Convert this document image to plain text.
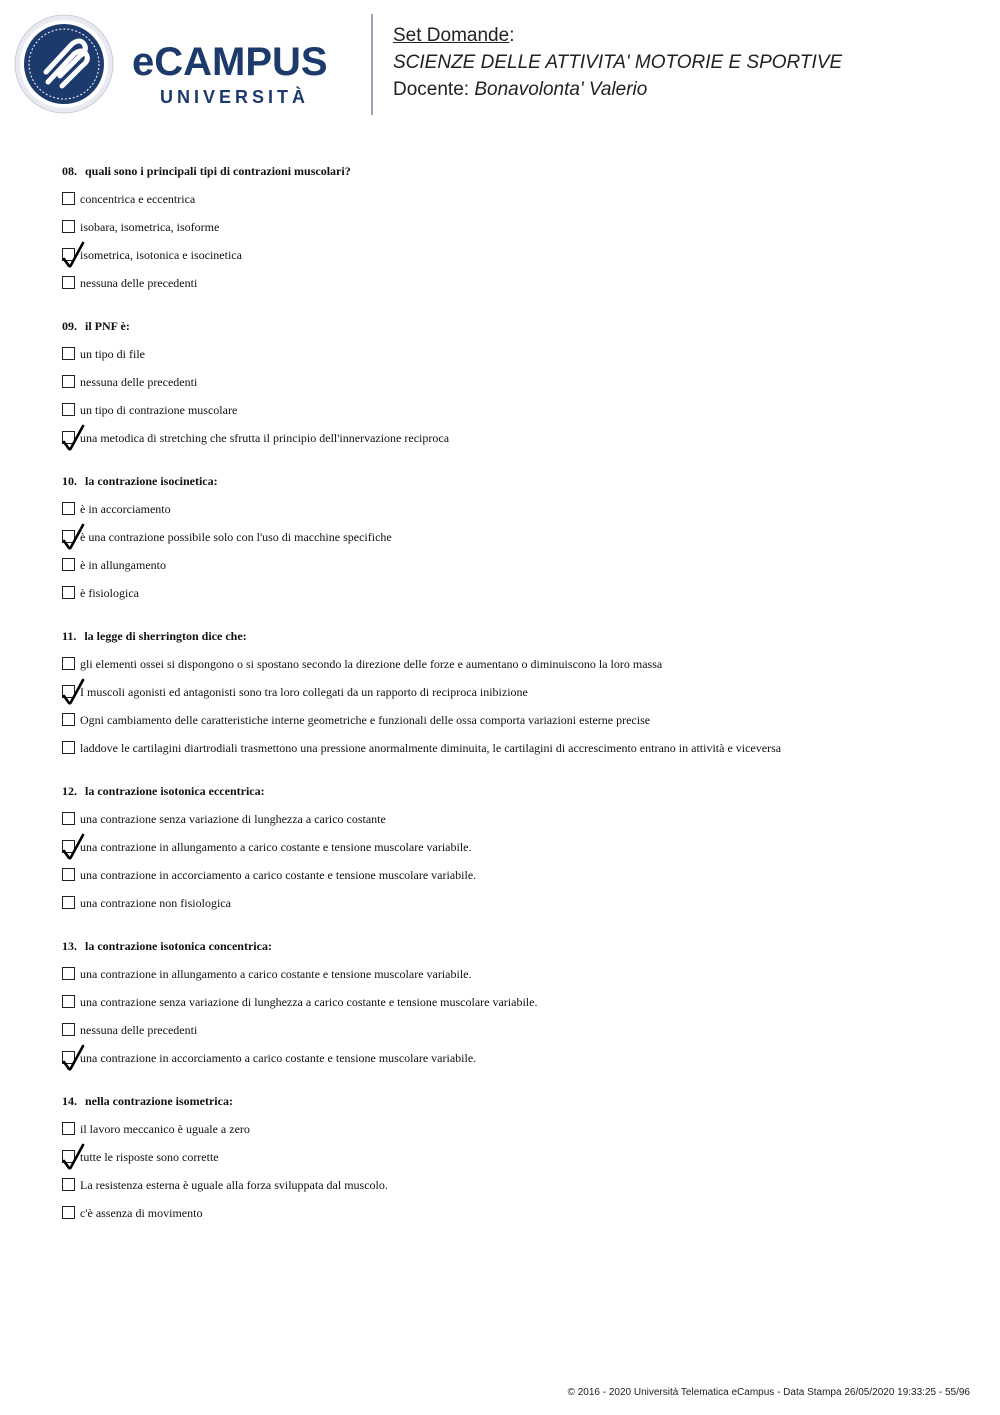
eCAMPUS
UNIVERSITÀ
Set Domande:
SCIENZE DELLE ATTIVITA' MOTORIE E SPORTIVE
Docente: Bonavolonta' Valerio
08. quali sono i principali tipi di contrazioni muscolari?
concentrica e eccentrica
isobara, isometrica, isoforme
isometrica, isotonica e isocinetica
nessuna delle precedenti
09. il PNF è:
un tipo di file
nessuna delle precedenti
un tipo di contrazione muscolare
una metodica di stretching che sfrutta il principio dell'innervazione reciproca
10. la contrazione isocinetica:
è in accorciamento
è una contrazione possibile solo con l'uso di macchine specifiche
è in allungamento
è fisiologica
11. la legge di sherrington dice che:
gli elementi ossei si dispongono o si spostano secondo la direzione delle forze e aumentano o diminuiscono la loro massa
I muscoli agonisti ed antagonisti sono tra loro collegati da un rapporto di reciproca inibizione
Ogni cambiamento delle caratteristiche interne geometriche e funzionali delle ossa comporta variazioni esterne precise
laddove le cartilagini diartrodiali trasmettono una pressione anormalmente diminuita, le cartilagini di accrescimento entrano in attività e viceversa
12. la contrazione isotonica eccentrica:
una contrazione senza variazione di lunghezza a carico costante
una contrazione in allungamento a carico costante e tensione muscolare variabile.
una contrazione in accorciamento a carico costante e tensione muscolare variabile.
una contrazione non fisiologica
13. la contrazione isotonica concentrica:
una contrazione in allungamento a carico costante e tensione muscolare variabile.
una contrazione senza variazione di lunghezza a carico costante e tensione muscolare variabile.
nessuna delle precedenti
una contrazione in accorciamento a carico costante e tensione muscolare variabile.
14. nella contrazione isometrica:
il lavoro meccanico è uguale a zero
tutte le risposte sono corrette
La resistenza esterna è uguale alla forza sviluppata dal muscolo.
c'è assenza di movimento
© 2016 - 2020 Università Telematica eCampus - Data Stampa 26/05/2020 19:33:25 - 55/96
